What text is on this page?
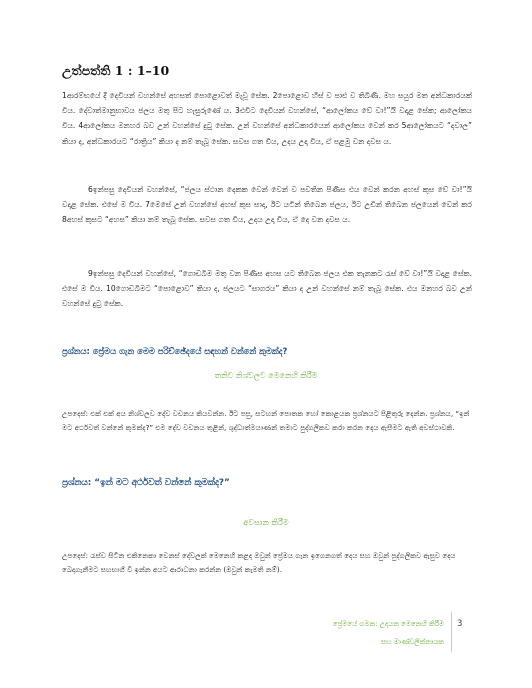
උත්පත්ති 1 : 1–10

1ආරම්භයේ දී දෙවියන් වහන්සේ අහසත් පොළොවත් මැවූ සේක. 2පොළොව හිස් ව පාළු ව තිබිණි. මහ සයුර මත අන්ධකාරයක් විය. දේවාත්මානුභාවය ජලය මතු පිට හැසුරුණේ ය. 3එවිට දෙවියන් වහන්සේ, “ආලෝකය වේ වා!”යි වදාළ සේක; ආලෝකය විය. 4ආලෝකය මනහර බව උන් වහන්සේ දුටු සේක. උන් වහන්සේ අන්ධකාරයෙන් ආලෝකය වෙන් කර 5ආලෝකයට “දවාල” කියා ද, අන්ධකාරයට “රාත්‍රිය” කියා ද නම් තැබූ සේක. සවස ගත විය, උදය උදා විය, ඒ පළමු වන දවස ය.

6ඉන්පසු දෙවියන් වහන්සේ, “ජලය ස්ථාන දෙකක වෙන් වෙන් ව පවතින පිණිස එය වෙන් කරන අහස් කුස වේ වා!”යි වදාළ සේක. එසේ ම විය. 7මෙසේ උන් වහන්සේ අහස් කුස සාදා, ඊට යටින් තිබෙන ජලය, ඊට උඩින් තිබෙන ජලයෙන් වෙන් කර 8අහස් කුසට “අහස” කියා නම් තැබූ සේක. සවස ගත විය, උදය උදා විය, ඒ දෙ වන දවස ය.

9ඉන්පසු දෙවියන් වහන්සේ, “ගොඩබිම මතු වන පිණිස අහස යට තිබෙන ජලය එක තැනකට රැස් වේ වා!”යි වදාළ සේක. එසේ ම විය. 10ගොඩබිමට “පොළොව” කියා ද, ජලයට “සාගරය” කියා ද උන් වහන්සේ නම් තැබූ සේක. එය මනහර බව උන් වහන්සේ දුටු සේක.

ප්‍රශ්නය: ප්‍රේමය ගැන මෙම පරිච්ඡේදයේ සඳහන් වන්නේ කුමක්ද?
තනිව නිශ්චලව මෙනෙහි කිරීම

උපදෙස්: එක් එක් අය නිශ්චලව දේව වචනය කියවන්න. ඊට පසු, සටහන් පොතක හෝ කොළයක ප්‍රශ්නයට පිළිතුරු දෙන්න. ප්‍රශ්නය, “ඉන් මට අර්ථවත් වන්නේ කුමක්ද?” එම දේව වචනය තුළින්, ශුද්ධාත්මයාණන් තමාට පුද්ගලිකව කරා කරන දෙය ඇසීමට ඇති අවස්ථාවකි.

ප්‍රශ්නය: “ඉන් මට අර්ථවත් වන්නේ කුමක්ද?”
අවසාන කිරීම

උපදෙස්: රැස්ව සිටින එකිනෙකා වෙනස් දේවලක් මෙනෙහි කළද ඔවුන් ප්‍රේමය ගැන ඉගෙනගත් දෙය සහ ඔවුන් පුද්ගලිකව ඇසුව දෙය බෙදාගැනීමට සහභාගී වී ඉන්න අයට ආරාධනා කරන්න (ඔවුන් කැමති නම්).

ප්‍රේමයේ ගමන: උදයන මෙනෙහි කිරීම
සහ මාණ්ඩලික්නායක
3
